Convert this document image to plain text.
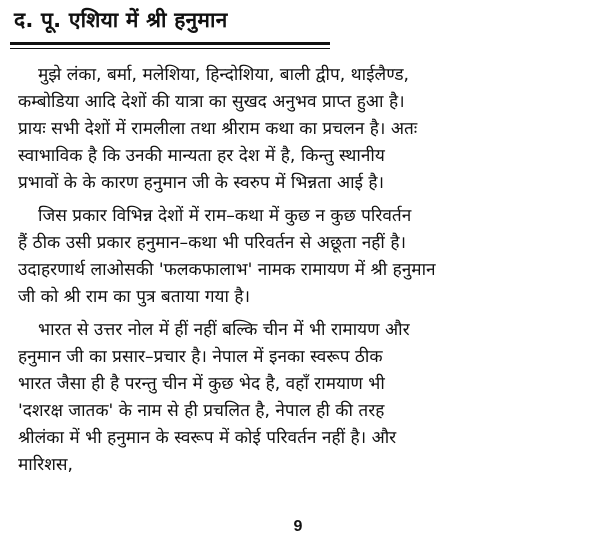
द. पू. एशिया में श्री हनुमान
मुझे लंका, बर्मा, मलेशिया, हिन्दोशिया, बाली द्वीप, थाईलैण्ड,
कम्बोडिया आदि देशों की यात्रा का सुखद अनुभव प्राप्त हुआ है।
प्रायः सभी देशों में रामलीला तथा श्रीराम कथा का प्रचलन है। अतः
स्वाभाविक है कि उनकी मान्यता हर देश में है, किन्तु स्थानीय
प्रभावों के के कारण हनुमान जी के स्वरुप में भिन्नता आई है।
जिस प्रकार विभिन्न देशों में राम–कथा में कुछ न कुछ परिवर्तन
हैं ठीक उसी प्रकार हनुमान–कथा भी परिवर्तन से अछूता नहीं है।
उदाहरणार्थ लाओसकी 'फलकफालाभ' नामक रामायण में श्री हनुमान
जी को श्री राम का पुत्र बताया गया है।
भारत से उत्तर नोल में हीं नहीं बल्कि चीन में भी रामायण और
हनुमान जी का प्रसार–प्रचार है। नेपाल में इनका स्वरूप ठीक
भारत जैसा ही है परन्तु चीन में कुछ भेद है, वहाँ रामयाण भी
'दशरक्ष जातक' के नाम से ही प्रचलित है, नेपाल ही की तरह
श्रीलंका में भी हनुमान के स्वरूप में कोई परिवर्तन नहीं है। और
मारिशस,
9
